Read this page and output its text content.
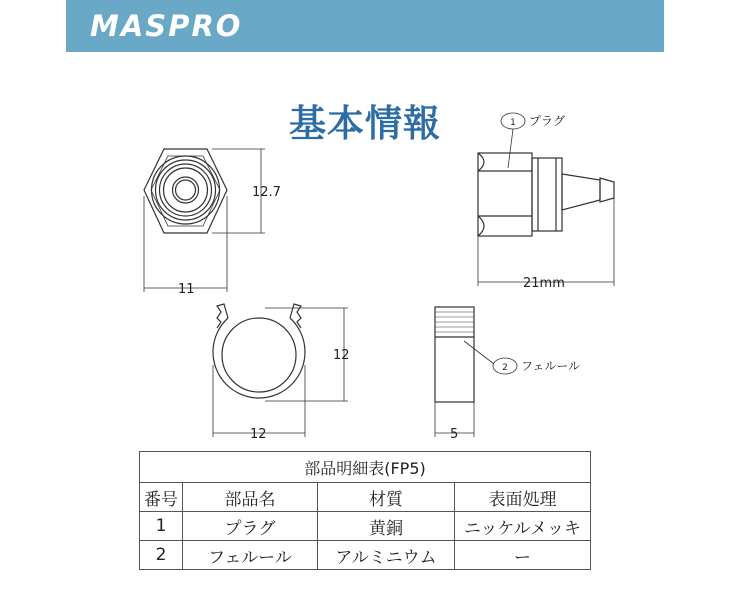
MASPRO
基本情報
12.7
11
1 プラグ
21mm
12
12
2 フェルール
5
部品明細表(FP5)			
番号	部品名	材質	表面処理
1	プラグ	黄銅	ニッケルメッキ
2	フェルール	アルミニウム	ー
